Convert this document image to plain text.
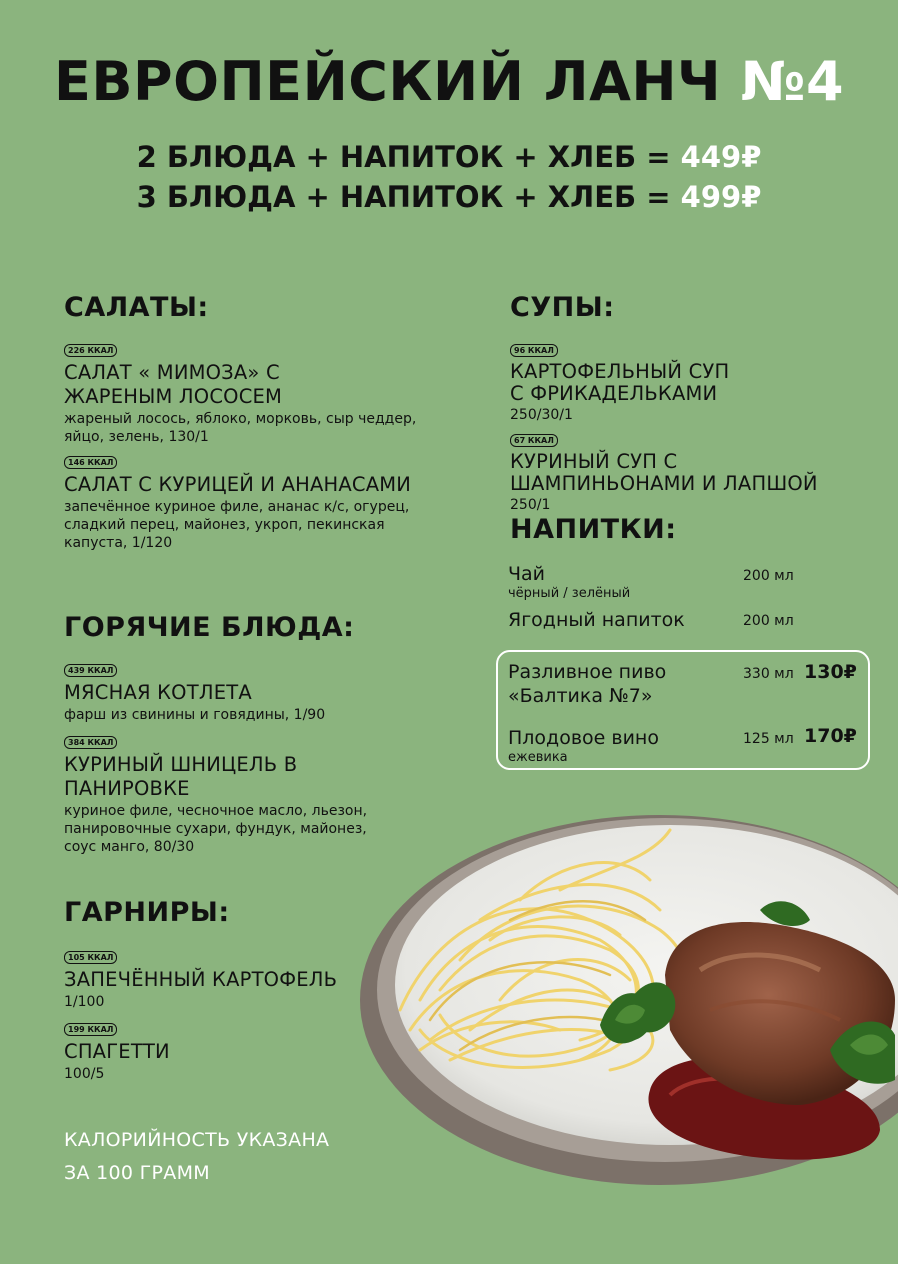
ЕВРОПЕЙСКИЙ ЛАНЧ №4
2 БЛЮДА + НАПИТОК + ХЛЕБ = 449₽
3 БЛЮДА + НАПИТОК + ХЛЕБ = 499₽
САЛАТЫ:
226 ККАЛ
САЛАТ « МИМОЗА» С
ЖАРЕНЫМ ЛОСОСЕМ
жареный лосось, яблоко, морковь, сыр чеддер,
яйцо, зелень, 130/1
146 ККАЛ
САЛАТ С КУРИЦЕЙ И АНАНАСАМИ
запечённое куриное филе, ананас к/с, огурец,
сладкий перец, майонез, укроп, пекинская
капуста, 1/120
ГОРЯЧИЕ БЛЮДА:
439 ККАЛ
МЯСНАЯ КОТЛЕТА
фарш из свинины и говядины, 1/90
384 ККАЛ
КУРИНЫЙ ШНИЦЕЛЬ В
ПАНИРОВКЕ
куриное филе, чесночное масло, льезон,
панировочные сухари, фундук, майонез,
соус манго, 80/30
ГАРНИРЫ:
105 ККАЛ
ЗАПЕЧЁННЫЙ КАРТОФЕЛЬ
1/100
199 ККАЛ
СПАГЕТТИ
100/5
СУПЫ:
96 ККАЛ
КАРТОФЕЛЬНЫЙ СУП
С ФРИКАДЕЛЬКАМИ
250/30/1
67 ККАЛ
КУРИНЫЙ СУП С
ШАМПИНЬОНАМИ И ЛАПШОЙ
250/1
НАПИТКИ:
Чай
чёрный / зелёный
200 мл
Ягодный напиток	200 мл
Разливное пиво
«Балтика №7»
330 мл 130₽
Плодовое вино
ежевика
125 мл 170₽
КАЛОРИЙНОСТЬ УКАЗАНА
ЗА 100 ГРАММ
